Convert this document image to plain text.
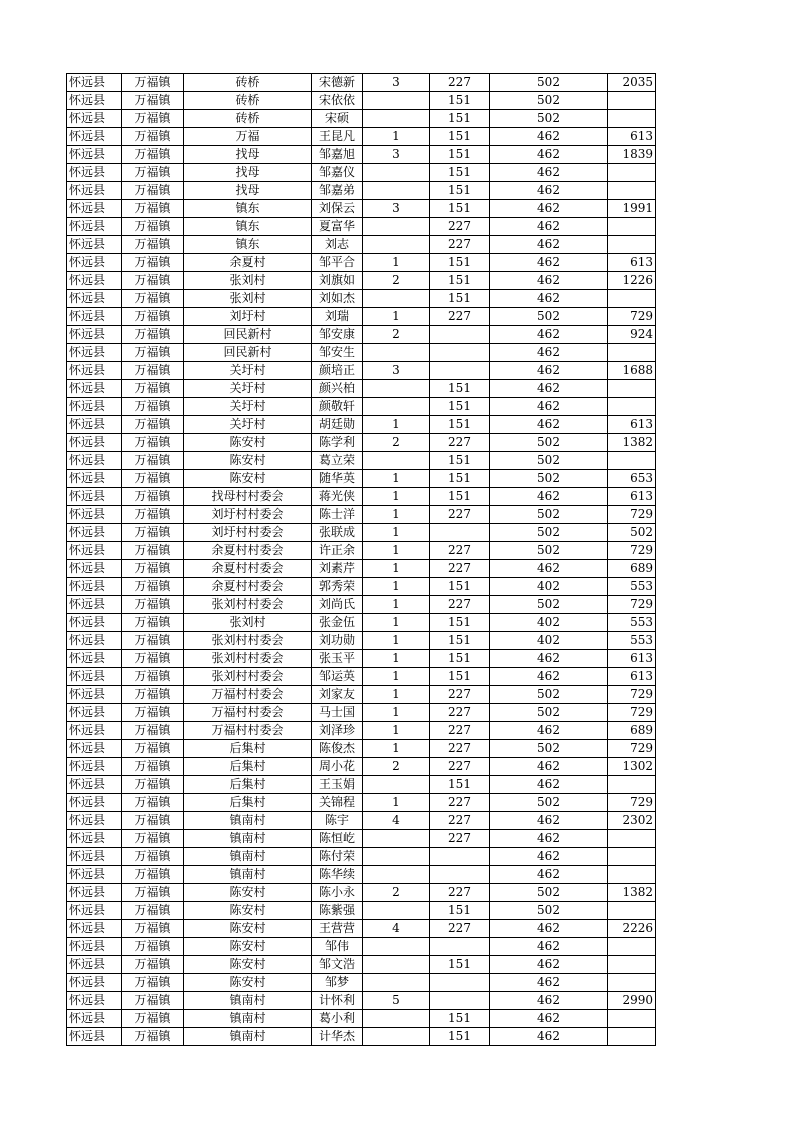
怀远县	万福镇	砖桥	宋德新	3	227	502	2035
怀远县	万福镇	砖桥	宋依依		151	502	
怀远县	万福镇	砖桥	宋硕		151	502	
怀远县	万福镇	万福	王昆凡	1	151	462	613
怀远县	万福镇	找母	邹嘉旭	3	151	462	1839
怀远县	万福镇	找母	邹嘉仪		151	462	
怀远县	万福镇	找母	邹嘉弟		151	462	
怀远县	万福镇	镇东	刘保云	3	151	462	1991
怀远县	万福镇	镇东	夏富华		227	462	
怀远县	万福镇	镇东	刘志		227	462	
怀远县	万福镇	余夏村	邹平合	1	151	462	613
怀远县	万福镇	张刘村	刘旗如	2	151	462	1226
怀远县	万福镇	张刘村	刘如杰		151	462	
怀远县	万福镇	刘圩村	刘瑞	1	227	502	729
怀远县	万福镇	回民新村	邹安康	2		462	924
怀远县	万福镇	回民新村	邹安生			462	
怀远县	万福镇	关圩村	颜培正	3		462	1688
怀远县	万福镇	关圩村	颜兴柏		151	462	
怀远县	万福镇	关圩村	颜敬轩		151	462	
怀远县	万福镇	关圩村	胡廷勋	1	151	462	613
怀远县	万福镇	陈安村	陈学利	2	227	502	1382
怀远县	万福镇	陈安村	葛立荣		151	502	
怀远县	万福镇	陈安村	随华英	1	151	502	653
怀远县	万福镇	找母村村委会	蒋光侠	1	151	462	613
怀远县	万福镇	刘圩村村委会	陈士洋	1	227	502	729
怀远县	万福镇	刘圩村村委会	张联成	1		502	502
怀远县	万福镇	余夏村村委会	许正余	1	227	502	729
怀远县	万福镇	余夏村村委会	刘素芹	1	227	462	689
怀远县	万福镇	余夏村村委会	郭秀荣	1	151	402	553
怀远县	万福镇	张刘村村委会	刘尚氏	1	227	502	729
怀远县	万福镇	张刘村	张金伍	1	151	402	553
怀远县	万福镇	张刘村村委会	刘功勋	1	151	402	553
怀远县	万福镇	张刘村村委会	张玉平	1	151	462	613
怀远县	万福镇	张刘村村委会	邹运英	1	151	462	613
怀远县	万福镇	万福村村委会	刘家友	1	227	502	729
怀远县	万福镇	万福村村委会	马士国	1	227	502	729
怀远县	万福镇	万福村村委会	刘泽珍	1	227	462	689
怀远县	万福镇	后集村	陈俊杰	1	227	502	729
怀远县	万福镇	后集村	周小花	2	227	462	1302
怀远县	万福镇	后集村	王玉娟		151	462	
怀远县	万福镇	后集村	关锦程	1	227	502	729
怀远县	万福镇	镇南村	陈宇	4	227	462	2302
怀远县	万福镇	镇南村	陈恒屹		227	462	
怀远县	万福镇	镇南村	陈付荣			462	
怀远县	万福镇	镇南村	陈华续			462	
怀远县	万福镇	陈安村	陈小永	2	227	502	1382
怀远县	万福镇	陈安村	陈紫强		151	502	
怀远县	万福镇	陈安村	王营营	4	227	462	2226
怀远县	万福镇	陈安村	邹伟			462	
怀远县	万福镇	陈安村	邹文浩		151	462	
怀远县	万福镇	陈安村	邹梦			462	
怀远县	万福镇	镇南村	计怀利	5		462	2990
怀远县	万福镇	镇南村	葛小利		151	462	
怀远县	万福镇	镇南村	计华杰		151	462	
